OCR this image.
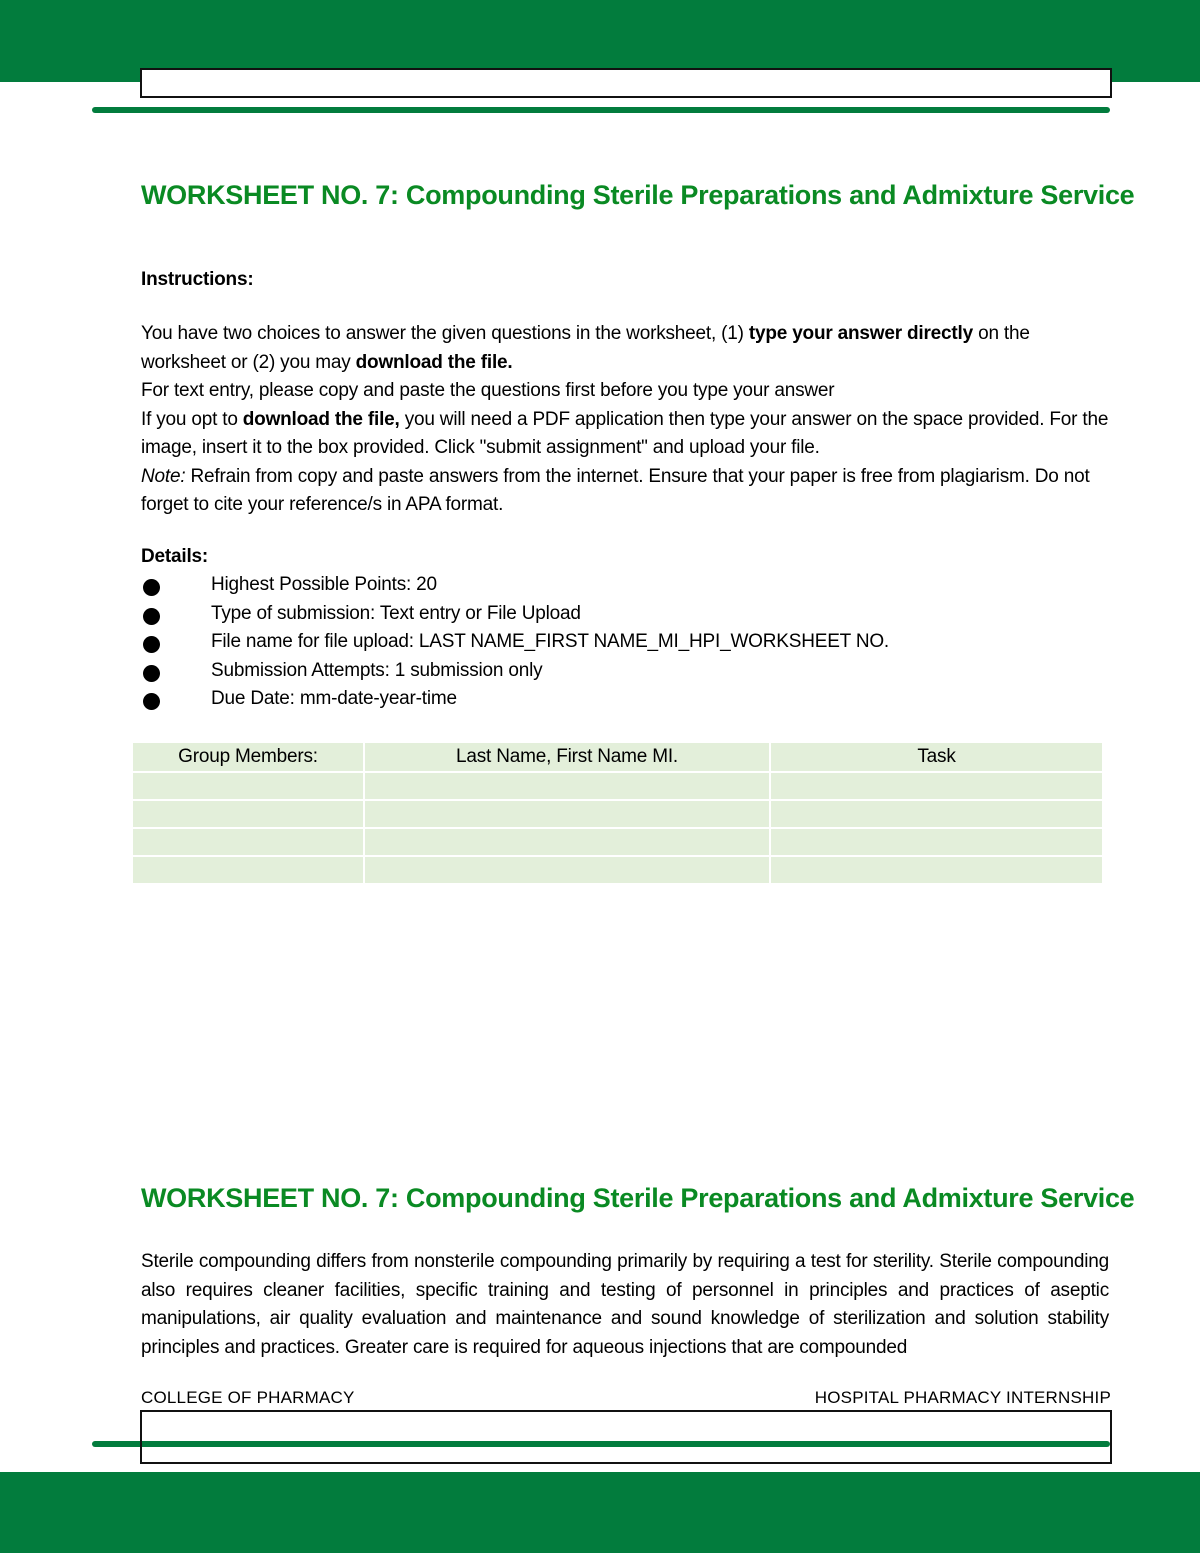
WORKSHEET NO. 7: Compounding Sterile Preparations and Admixture Service
Instructions:
You have two choices to answer the given questions in the worksheet, (1) type your answer directly on the worksheet or (2) you may download the file.
For text entry, please copy and paste the questions first before you type your answer
If you opt to download the file, you will need a PDF application then type your answer on the space provided. For the image, insert it to the box provided. Click "submit assignment" and upload your file.
Note: Refrain from copy and paste answers from the internet. Ensure that your paper is free from plagiarism. Do not forget to cite your reference/s in APA format.
Details:
Highest Possible Points: 20
Type of submission: Text entry or File Upload
File name for file upload: LAST NAME_FIRST NAME_MI_HPI_WORKSHEET NO.
Submission Attempts: 1 submission only
Due Date: mm-date-year-time
Group Members:	Last Name, First Name MI.	Task

WORKSHEET NO. 7: Compounding Sterile Preparations and Admixture Service
Sterile compounding differs from nonsterile compounding primarily by requiring a test for sterility. Sterile compounding also requires cleaner facilities, specific training and testing of personnel in principles and practices of aseptic manipulations, air quality evaluation and maintenance and sound knowledge of sterilization and solution stability principles and practices. Greater care is required for aqueous injections that are compounded
COLLEGE OF PHARMACY	HOSPITAL PHARMACY INTERNSHIP
